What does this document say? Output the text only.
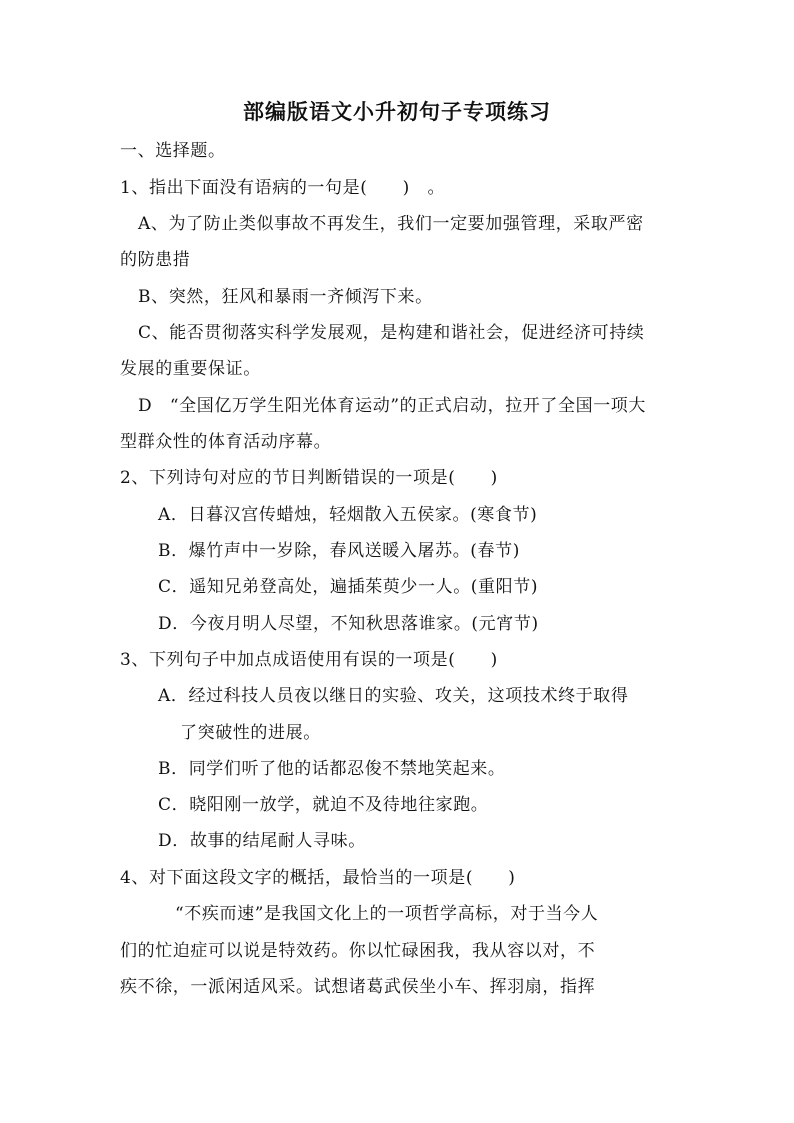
部编版语文小升初句子专项练习
一、选择题。
1、指出下面没有语病的一句是(　　)　。
A、为了防止类似事故不再发生，我们一定要加强管理，采取严密
的防患措
B、突然，狂风和暴雨一齐倾泻下来。
C、能否贯彻落实科学发展观，是构建和谐社会，促进经济可持续
发展的重要保证。
D　“全国亿万学生阳光体育运动”的正式启动，拉开了全国一项大
型群众性的体育活动序幕。
2、下列诗句对应的节日判断错误的一项是(　　)
A．日暮汉宫传蜡烛，轻烟散入五侯家。(寒食节)
B．爆竹声中一岁除，春风送暖入屠苏。(春节)
C．遥知兄弟登高处，遍插茱萸少一人。(重阳节)
D．今夜月明人尽望，不知秋思落谁家。(元宵节)
3、下列句子中加点成语使用有误的一项是(　　)
A．经过科技人员夜以继日的实验、攻关，这项技术终于取得
了突破性的进展。
B．同学们听了他的话都忍俊不禁地笑起来。
C．晓阳刚一放学，就迫不及待地往家跑。
D．故事的结尾耐人寻味。
4、对下面这段文字的概括，最恰当的一项是(　　)
“不疾而速”是我国文化上的一项哲学高标，对于当今人
们的忙迫症可以说是特效药。你以忙碌困我，我从容以对，不
疾不徐，一派闲适风采。试想诸葛武侯坐小车、挥羽扇，指挥
